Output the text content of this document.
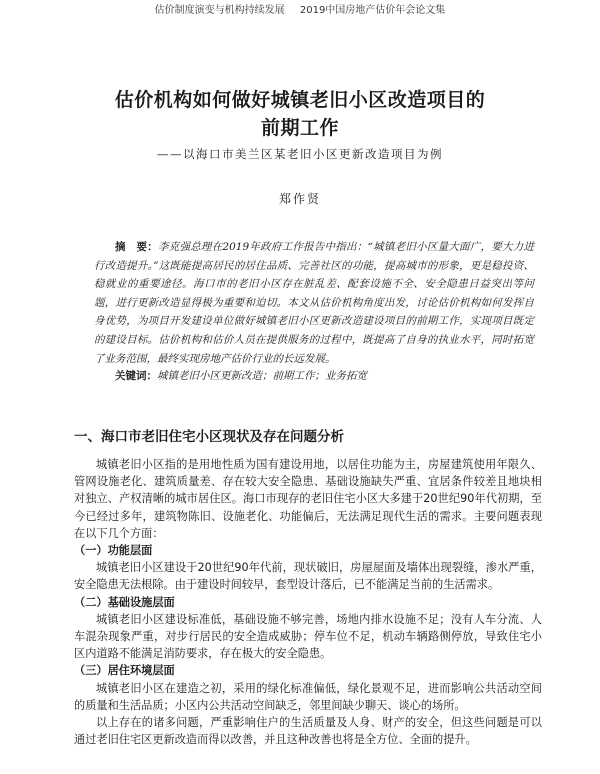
估价制度演变与机构持续发展 2019中国房地产估价年会论文集
估价机构如何做好城镇老旧小区改造项目的
前期工作
——以海口市美兰区某老旧小区更新改造项目为例
郑作贤
摘　要：李克强总理在2019年政府工作报告中指出：“城镇老旧小区量大面广，要大力进行改造提升。”这既能提高居民的居住品质、完善社区的功能，提高城市的形象，更是稳投资、稳就业的重要途径。海口市的老旧小区存在脏乱差、配套设施不全、安全隐患日益突出等问题，进行更新改造显得极为重要和迫切。本文从估价机构角度出发，讨论估价机构如何发挥自身优势，为项目开发建设单位做好城镇老旧小区更新改造建设项目的前期工作，实现项目既定的建设目标。估价机构和估价人员在提供服务的过程中，既提高了自身的执业水平，同时拓宽了业务范围，最终实现房地产估价行业的长远发展。
关键词：城镇老旧小区更新改造；前期工作；业务拓宽
一、海口市老旧住宅小区现状及存在问题分析

城镇老旧小区指的是用地性质为国有建设用地，以居住功能为主，房屋建筑使用年限久、管网设施老化、建筑质量差、存在较大安全隐患、基础设施缺失严重、宜居条件较差且地块相对独立、产权清晰的城市居住区。海口市现存的老旧住宅小区大多建于20世纪90年代初期，至今已经过多年，建筑物陈旧、设施老化、功能偏后，无法满足现代生活的需求。主要问题表现在以下几个方面：

（一）功能层面

城镇老旧小区建设于20世纪90年代前，现状破旧，房屋屋面及墙体出现裂缝，渗水严重，安全隐患无法根除。由于建设时间较早，套型设计落后，已不能满足当前的生活需求。

（二）基础设施层面

城镇老旧小区建设标准低，基础设施不够完善，场地内排水设施不足；没有人车分流、人车混杂现象严重，对步行居民的安全造成威胁；停车位不足，机动车辆路侧停放，导致住宅小区内道路不能满足消防要求，存在极大的安全隐患。

（三）居住环境层面

城镇老旧小区在建造之初，采用的绿化标准偏低，绿化景观不足，进而影响公共活动空间的质量和生活品质；小区内公共活动空间缺乏，邻里间缺少聊天、谈心的场所。

以上存在的诸多问题，严重影响住户的生活质量及人身、财产的安全，但这些问题是可以通过老旧住宅区更新改造而得以改善，并且这种改善也将是全方位、全面的提升。
